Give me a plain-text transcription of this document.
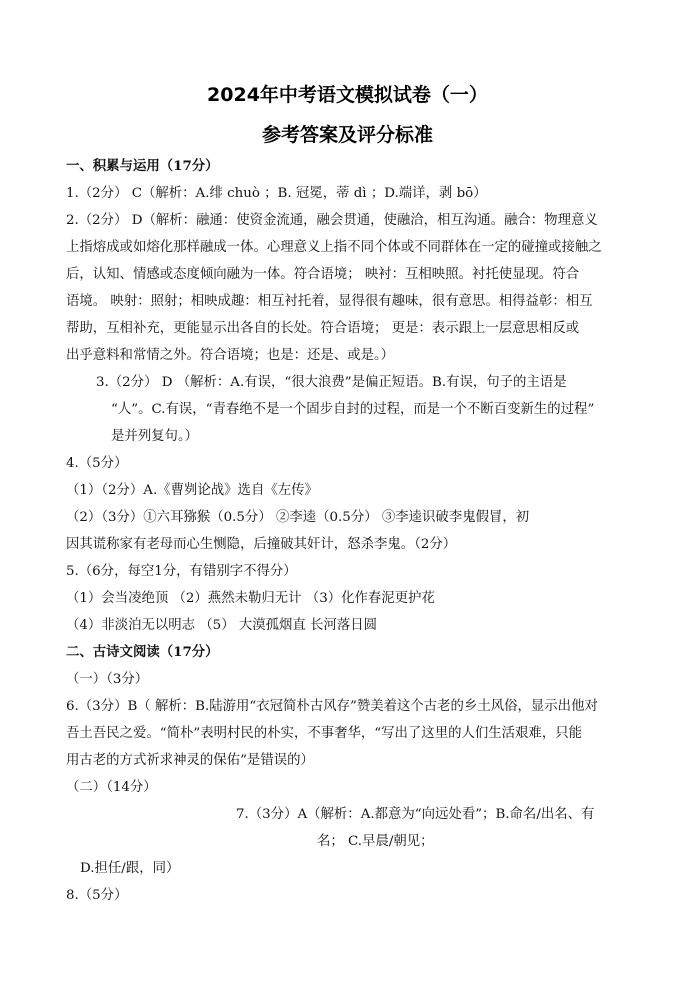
2024年中考语文模拟试卷（一）
参考答案及评分标准
一、积累与运用（17分）
1.（2分） C（解析：A.绯 chuò ；B. 冠冕，蒂 dì ；D.端详，剥 bō）
2.（2分） D（解析：融通：使资金流通，融会贯通，使融洽，相互沟通。融合：物理意义
上指熔成或如熔化那样融成一体。心理意义上指不同个体或不同群体在一定的碰撞或接触之
后，认知、情感或态度倾向融为一体。符合语境； 映衬：互相映照。衬托使显现。符合
语境。 映射：照射；相映成趣：相互衬托着，显得很有趣味，很有意思。相得益彰：相互
帮助，互相补充，更能显示出各自的长处。符合语境； 更是：表示跟上一层意思相反或
出乎意料和常情之外。符合语境；也是：还是、或是。）
3.（2分） D （解析：A.有误，“很大浪费”是偏正短语。B.有误，句子的主语是
“人”。C.有误，“青春绝不是一个固步自封的过程，而是一个不断百变新生的过程”
是并列复句。）
4.（5分）
（1）（2分）A.《曹刿论战》选自《左传》
（2）（3分）①六耳猕猴（0.5分） ②李逵（0.5分） ③李逵识破李鬼假冒，初
因其谎称家有老母而心生恻隐，后撞破其奸计，怒杀李鬼。（2分）
5.（6分，每空1分，有错别字不得分）
（1）会当凌绝顶 （2）燕然未勒归无计 （3）化作春泥更护花
（4）非淡泊无以明志 （5） 大漠孤烟直 长河落日圆
二、古诗文阅读（17分）
（一）（3分）
6.（3分）B（ 解析：B.陆游用“衣冠简朴古风存”赞美着这个古老的乡土风俗，显示出他对
吾土吾民之爱。“简朴”表明村民的朴实，不事奢华，“写出了这里的人们生活艰难，只能
用古老的方式祈求神灵的保佑”是错误的）
（二）（14分）
7.（3分）A（解析：A.都意为“向远处看”；B.命名/出名、有
名； C.早晨/朝见；
D.担任/跟，同）
8.（5分）
